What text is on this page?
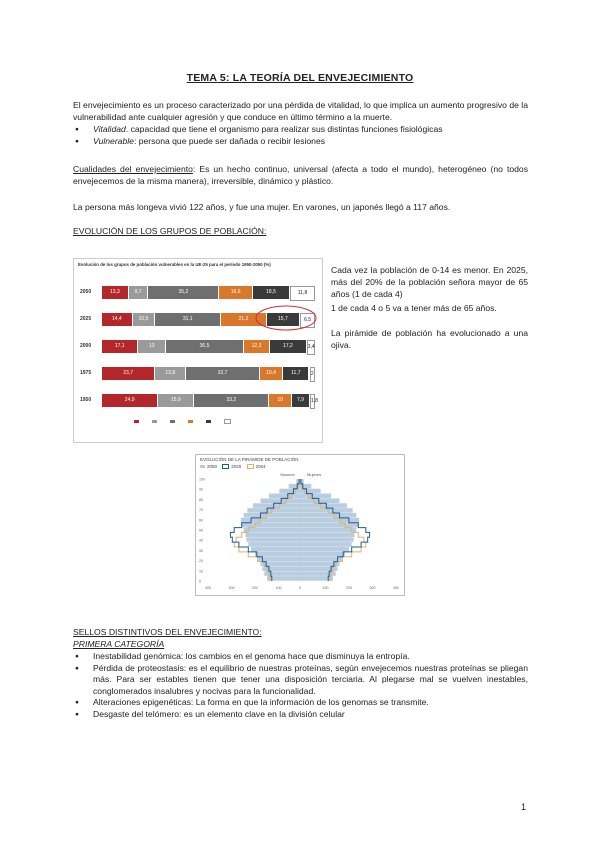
TEMA 5: LA TEORÍA DEL ENVEJECIMIENTO
El envejecimiento es un proceso caracterizado por una pérdida de vitalidad, lo que implica un aumento progresivo de la vulnerabilidad ante cualquier agresión y que conduce en último término a la muerte.
● Vitalidad. capacidad que tiene el organismo para realizar sus distintas funciones fisiológicas
● Vulnerable: persona que puede ser dañada o recibir lesiones
Cualidades del envejecimiento: Es un hecho continuo, universal (afecta a todo el mundo), heterogéneo (no todos envejecemos de la misma manera), irreversible, dinámico y plástico.
La persona más longeva vivió 122 años, y fue una mujer. En varones, un japonés llegó a 117 años.
EVOLUCIÓN DE LOS GRUPOS DE POBLACIÓN:
Evolución de los grupos de población vulnerables en la UE-25 para el período 1950-2050 (%)
2050	13,3	9,7	35,2	16,6	18,5	11,8
2025	14,4	10,5	31,1	21,2	15,7	6,5
2000	17,1	13	36,5	12,3	17,2	3,4
1975	23,7	13,8	32,7	10,4	11,7	2
1950	24,9	15,9	33,2	10	7,9	1,8

Cada vez la población de 0-14 es menor. En 2025, más del 20% de la población señora mayor de 65 años (1 de cada 4)
1 de cada 4 o 5 va a tener más de 65 años.
La pirámide de población ha evolucionado a una ojiva.
EVOLUCIÓN DE LA PIRÁMIDE DE POBLACIÓN
2050	2020	2004
Varones	Mujeres
100
90
80
70
60
50
40
30
20
10
0
400	300	200	100	0	100	200	300	400
SELLOS DISTINTIVOS DEL ENVEJECIMIENTO:
PRIMERA CATEGORÍA
● Inestabilidad genómica: los cambios en el genoma hace que disminuya la entropía.
● Pérdida de proteostasis: es el equilibrio de nuestras proteínas, según envejecemos nuestras proteínas se pliegan más. Para ser estables tienen que tener una disposición terciaria. Al plegarse mal se vuelven inestables, conglomerados insalubres y nocivas para la funcionalidad.
● Alteraciones epigenéticas: La forma en que la información de los genomas se transmite.
● Desgaste del telómero: es un elemento clave en la división celular
1
